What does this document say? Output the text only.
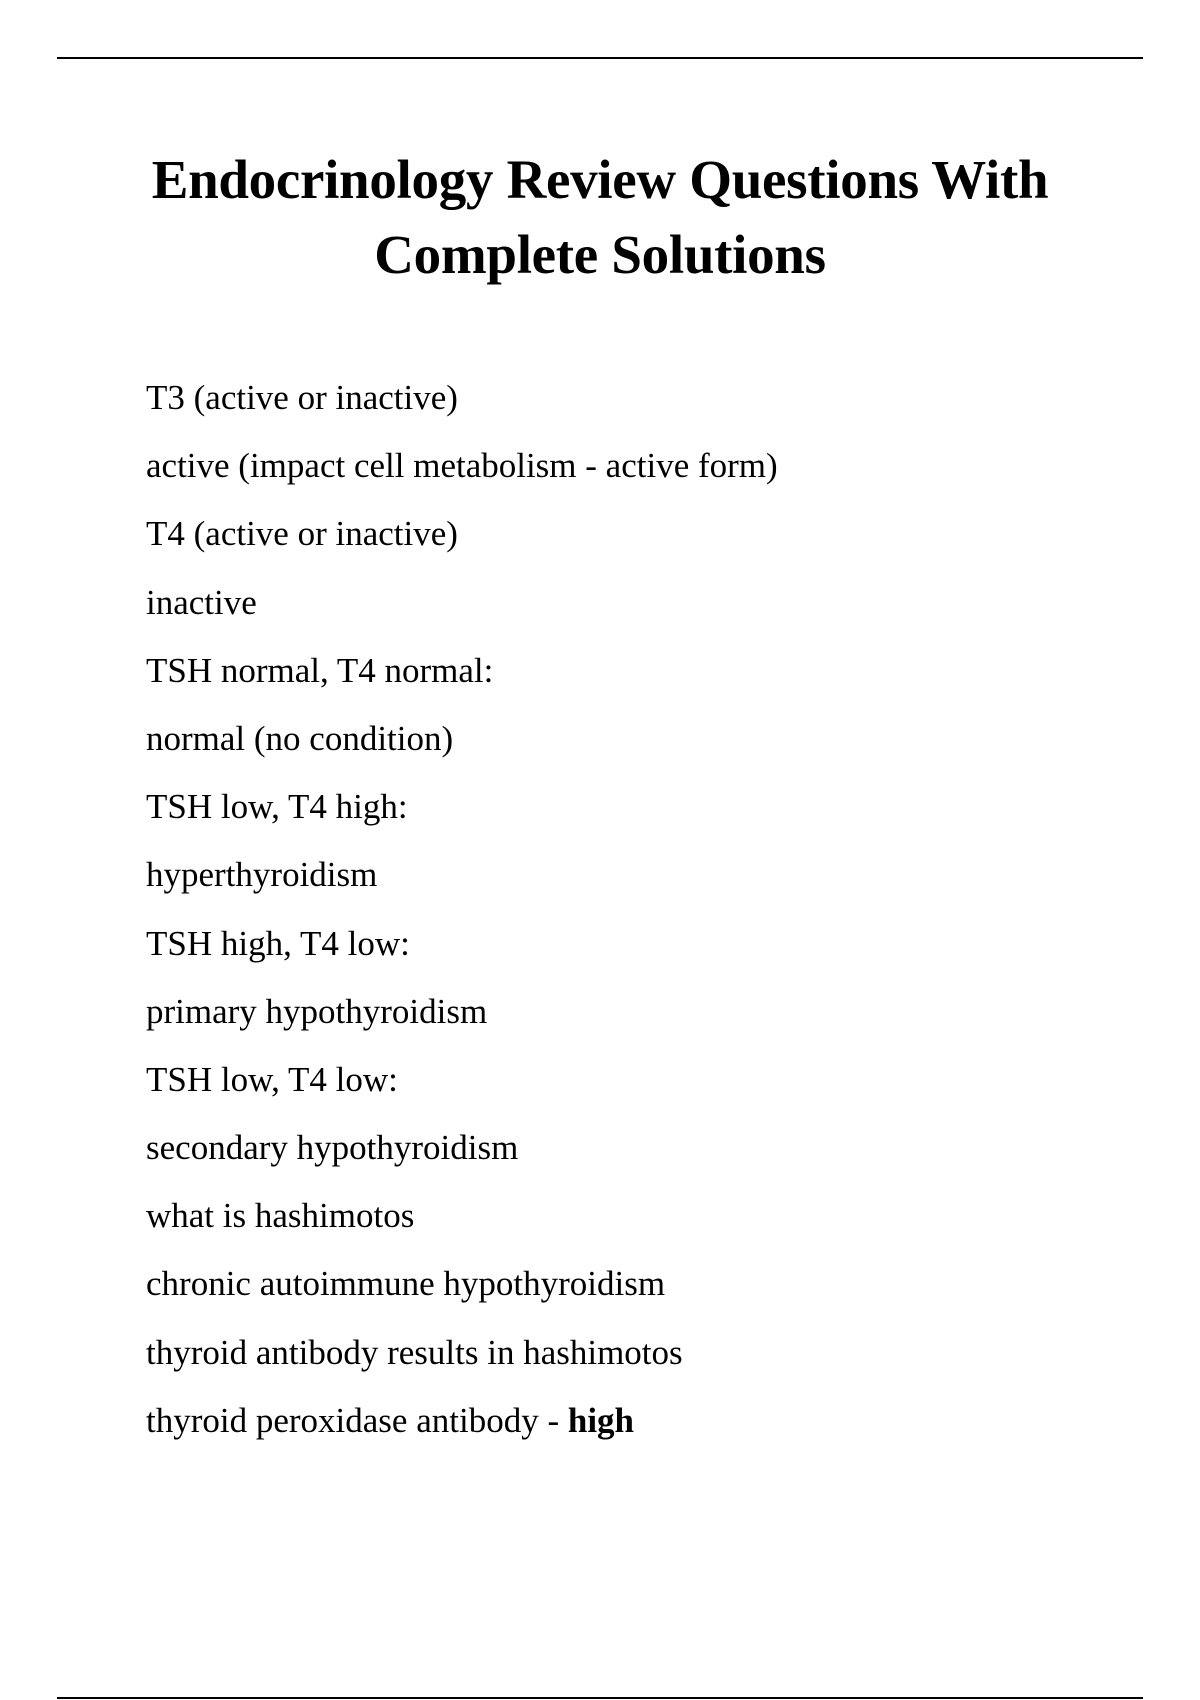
Endocrinology Review Questions With
Complete Solutions
T3 (active or inactive)
active (impact cell metabolism - active form)
T4 (active or inactive)
inactive
TSH normal, T4 normal:
normal (no condition)
TSH low, T4 high:
hyperthyroidism
TSH high, T4 low:
primary hypothyroidism
TSH low, T4 low:
secondary hypothyroidism
what is hashimotos
chronic autoimmune hypothyroidism
thyroid antibody results in hashimotos
thyroid peroxidase antibody - high
